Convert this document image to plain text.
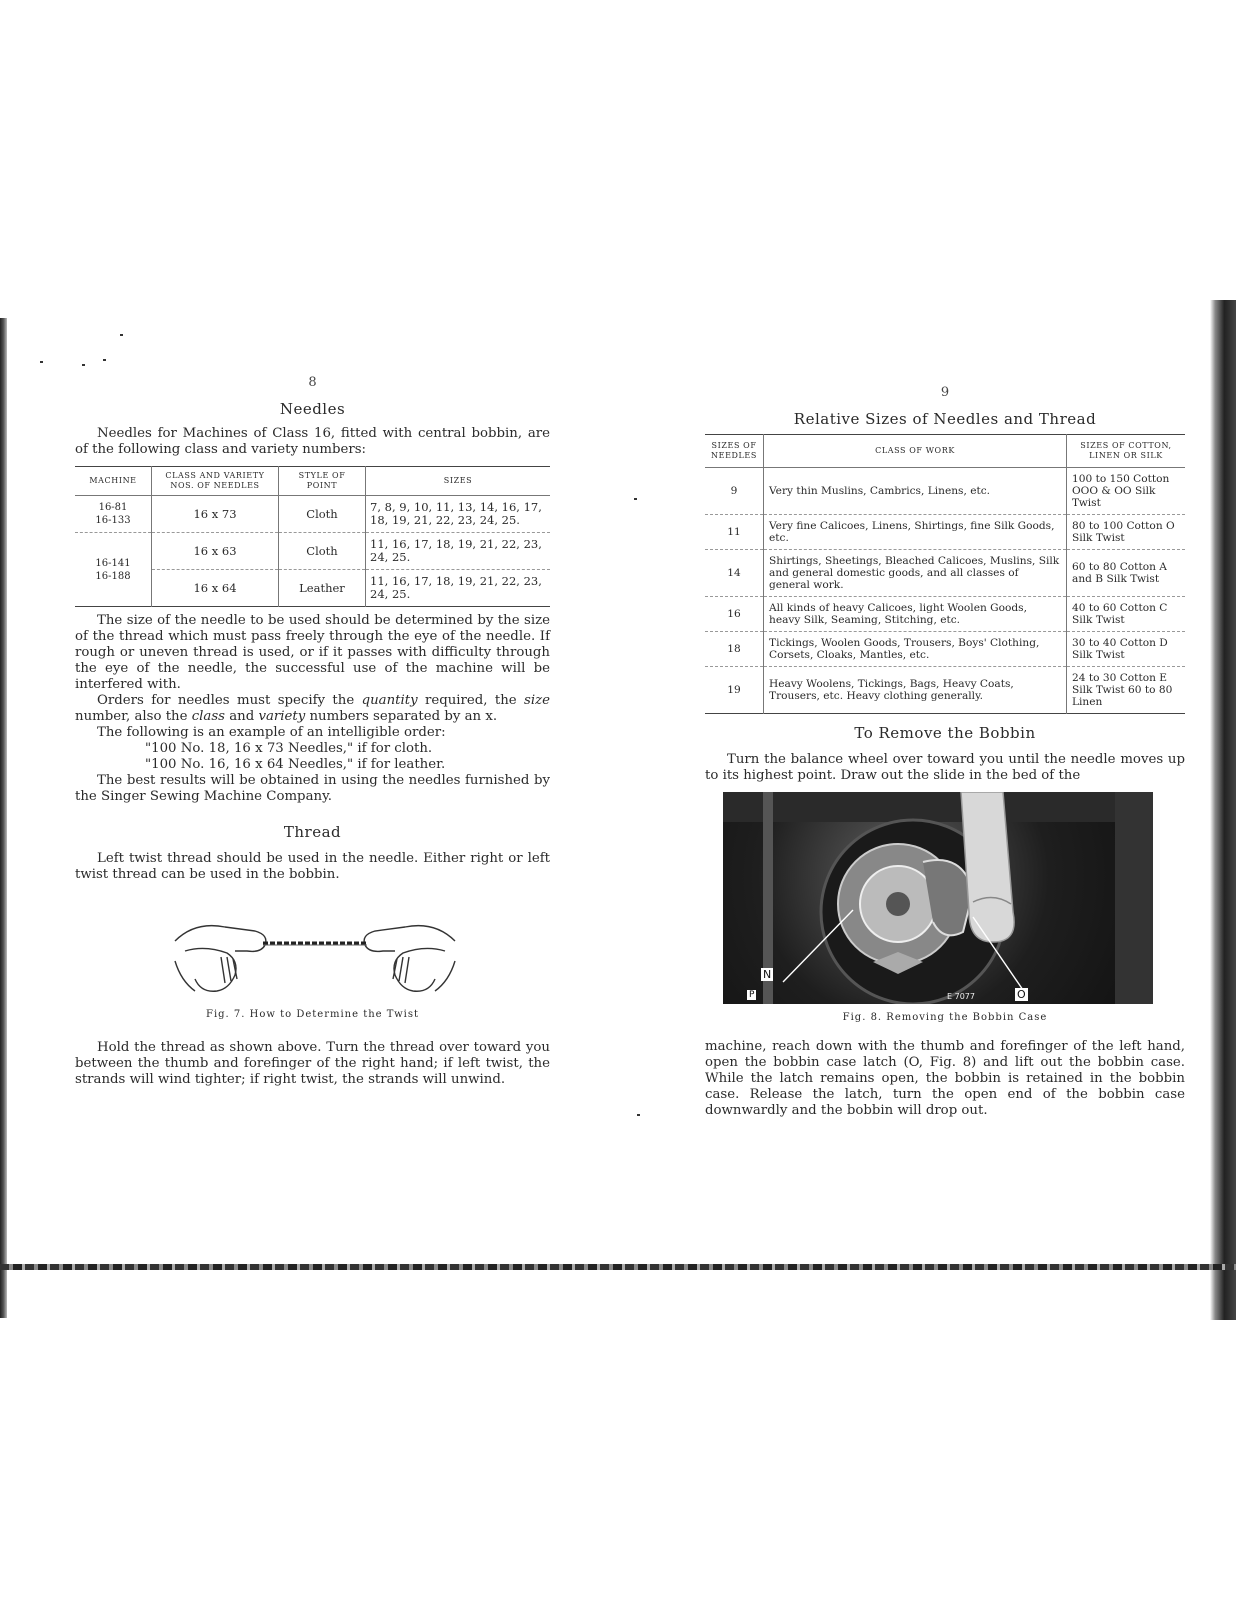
8
Needles

Needles for Machines of Class 16, fitted with central bobbin, are of the following class and variety numbers:

MACHINE	CLASS AND VARIETY NOS. OF NEEDLES	STYLE OF POINT	SIZES

16-81
16-133	16 x 73	Cloth	7, 8, 9, 10, 11, 13, 14, 16, 17, 18, 19, 21, 22, 23, 24, 25.

16-141
16-188	16 x 63	Cloth	11, 16, 17, 18, 19, 21, 22, 23, 24, 25.
	16 x 64	Leather	11, 16, 17, 18, 19, 21, 22, 23, 24, 25.

The size of the needle to be used should be determined by the size of the thread which must pass freely through the eye of the needle. If rough or uneven thread is used, or if it passes with difficulty through the eye of the needle, the successful use of the machine will be interfered with.

Orders for needles must specify the quantity required, the size number, also the class and variety numbers separated by an x.

The following is an example of an intelligible order:

"100 No. 18, 16 x 73 Needles," if for cloth.
"100 No. 16, 16 x 64 Needles," if for leather.

The best results will be obtained in using the needles furnished by the Singer Sewing Machine Company.

Thread

Left twist thread should be used in the needle. Either right or left twist thread can be used in the bobbin.

Fig. 7. How to Determine the Twist

Hold the thread as shown above. Turn the thread over toward you between the thumb and forefinger of the right hand; if left twist, the strands will wind tighter; if right twist, the strands will unwind.

9
Relative Sizes of Needles and Thread
SIZES OF NEEDLES	CLASS OF WORK	SIZES OF COTTON, LINEN OR SILK
9	Very thin Muslins, Cambrics, Linens, etc.	100 to 150 Cotton OOO & OO Silk Twist
11	Very fine Calicoes, Linens, Shirtings, fine Silk Goods, etc.	80 to 100 Cotton O Silk Twist
14	Shirtings, Sheetings, Bleached Calicoes, Muslins, Silk and general domestic goods, and all classes of general work.	60 to 80 Cotton A and B Silk Twist
16	All kinds of heavy Calicoes, light Woolen Goods, heavy Silk, Seaming, Stitching, etc.	40 to 60 Cotton C Silk Twist
18	Tickings, Woolen Goods, Trousers, Boys' Clothing, Corsets, Cloaks, Mantles, etc.	30 to 40 Cotton D Silk Twist
19	Heavy Woolens, Tickings, Bags, Heavy Coats, Trousers, etc. Heavy clothing generally.	24 to 30 Cotton E Silk Twist 60 to 80 Linen
To Remove the Bobbin

Turn the balance wheel over toward you until the needle moves up to its highest point. Draw out the slide in the bed of the

N
O
P	E 7077
Fig. 8. Removing the Bobbin Case

machine, reach down with the thumb and forefinger of the left hand, open the bobbin case latch (O, Fig. 8) and lift out the bobbin case. While the latch remains open, the bobbin is retained in the bobbin case. Release the latch, turn the open end of the bobbin case downwardly and the bobbin will drop out.
